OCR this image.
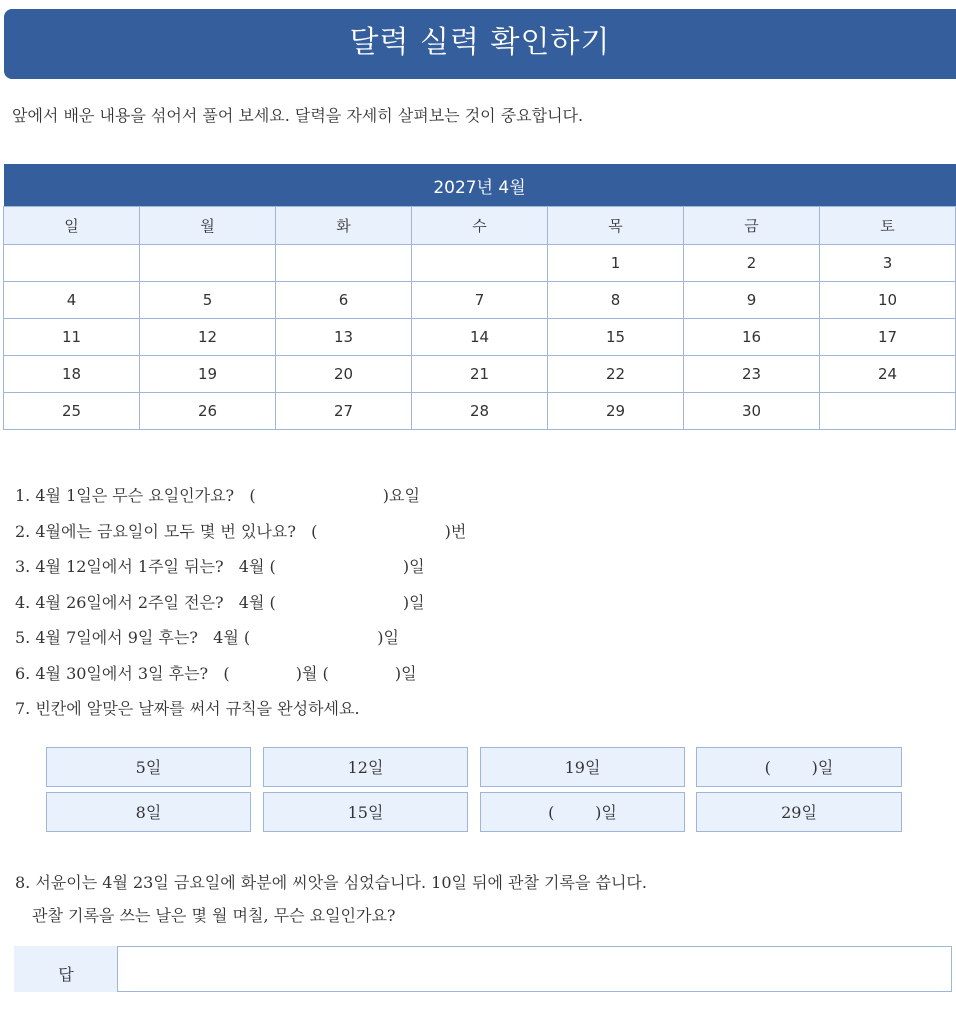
달력 실력 확인하기
앞에서 배운 내용을 섞어서 풀어 보세요. 달력을 자세히 살펴보는 것이 중요합니다.
2027년 4월						
일	월	화	수	목	금	토
				1	2	3
4	5	6	7	8	9	10
11	12	13	14	15	16	17
18	19	20	21	22	23	24
25	26	27	28	29	30	
1. 4월 1일은 무슨 요일인가요?   (                         )요일
2. 4월에는 금요일이 모두 몇 번 있나요?   (                         )번
3. 4월 12일에서 1주일 뒤는?   4월 (                         )일
4. 4월 26일에서 2주일 전은?   4월 (                         )일
5. 4월 7일에서 9일 후는?   4월 (                         )일
6. 4월 30일에서 3일 후는?   (             )월 (             )일
7. 빈칸에 알맞은 날짜를 써서 규칙을 완성하세요.
5일	12일	19일	(        )일
8일	15일	(        )일	29일
8. 서윤이는 4월 23일 금요일에 화분에 씨앗을 심었습니다. 10일 뒤에 관찰 기록을 씁니다.
관찰 기록을 쓰는 날은 몇 월 며칠, 무슨 요일인가요?
답
